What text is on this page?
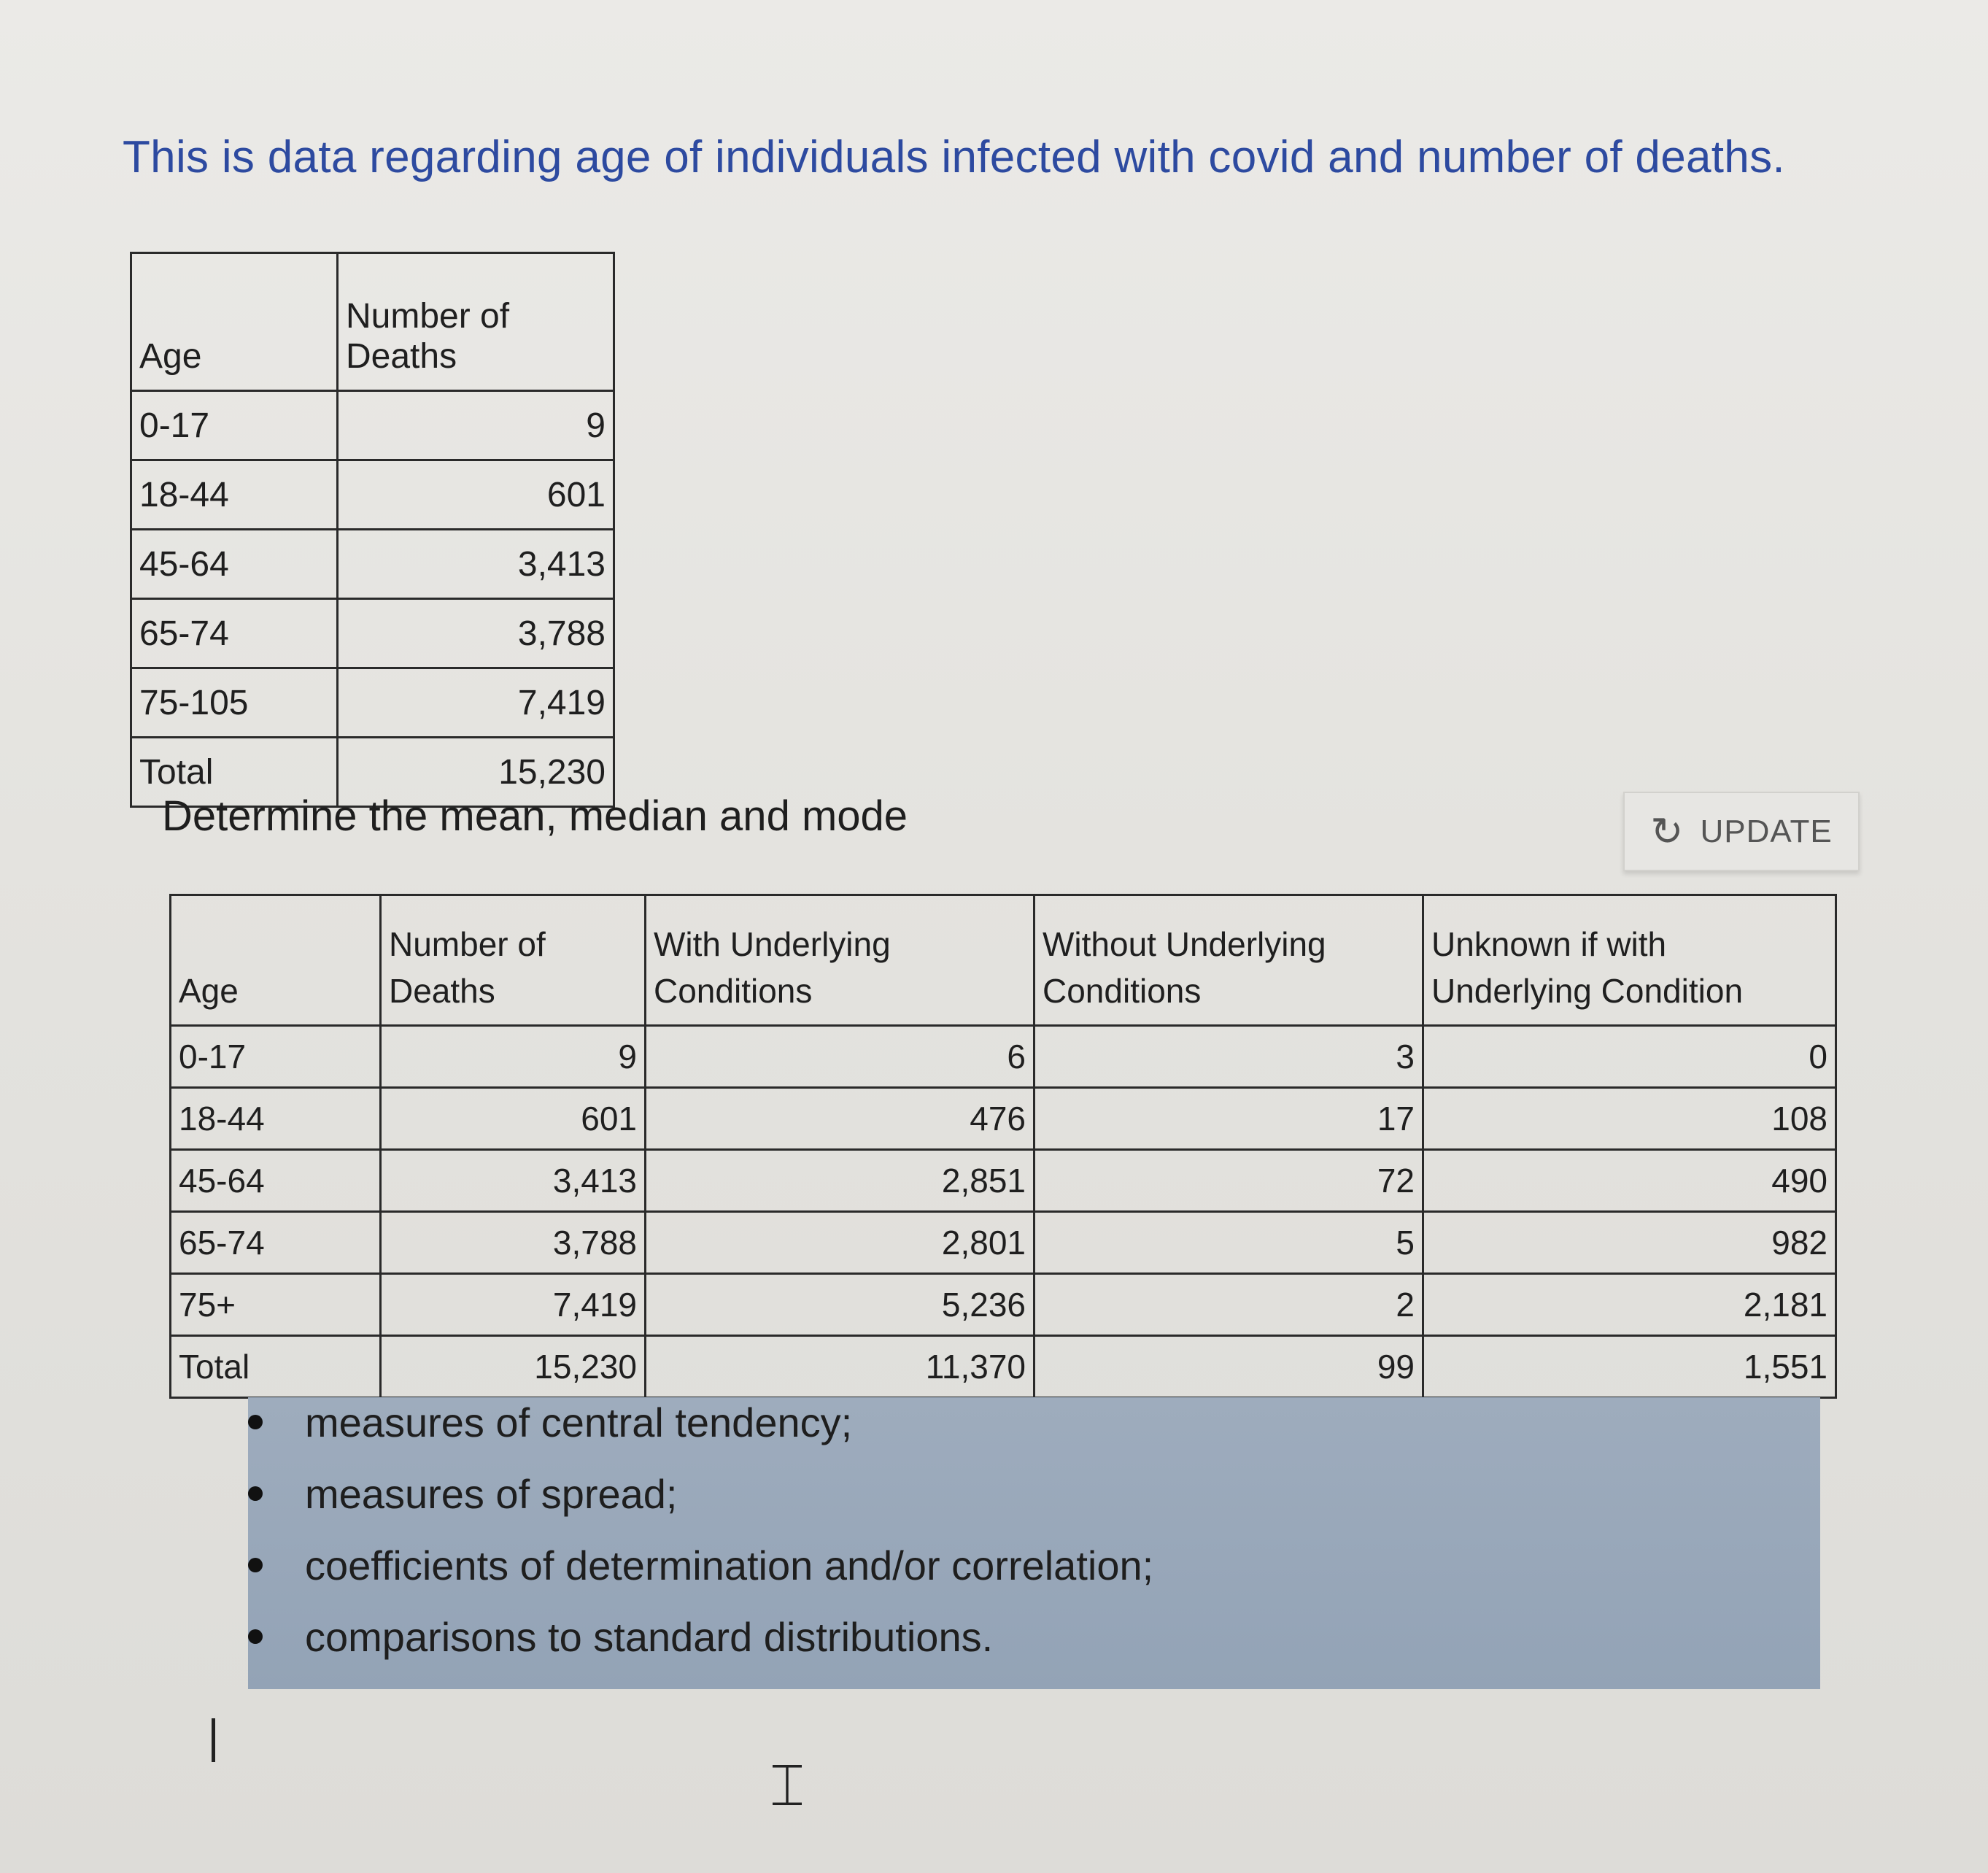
This is data regarding age of individuals infected with covid and number of deaths.
Age	Number of Deaths
0-17	9
18-44	601
45-64	3,413
65-74	3,788
75-105	7,419
Total	15,230
Determine the mean, median and mode	↻ UPDATE
Age	Number of Deaths	With Underlying Conditions	Without Underlying Conditions	Unknown if with Underlying Condition
0-17	9	6	3	0
18-44	601	476	17	108
45-64	3,413	2,851	72	490
65-74	3,788	2,801	5	982
75+	7,419	5,236	2	2,181
Total	15,230	11,370	99	1,551
measures of central tendency;
measures of spread;
coefficients of determination and/or correlation;
comparisons to standard distributions.
⌶
